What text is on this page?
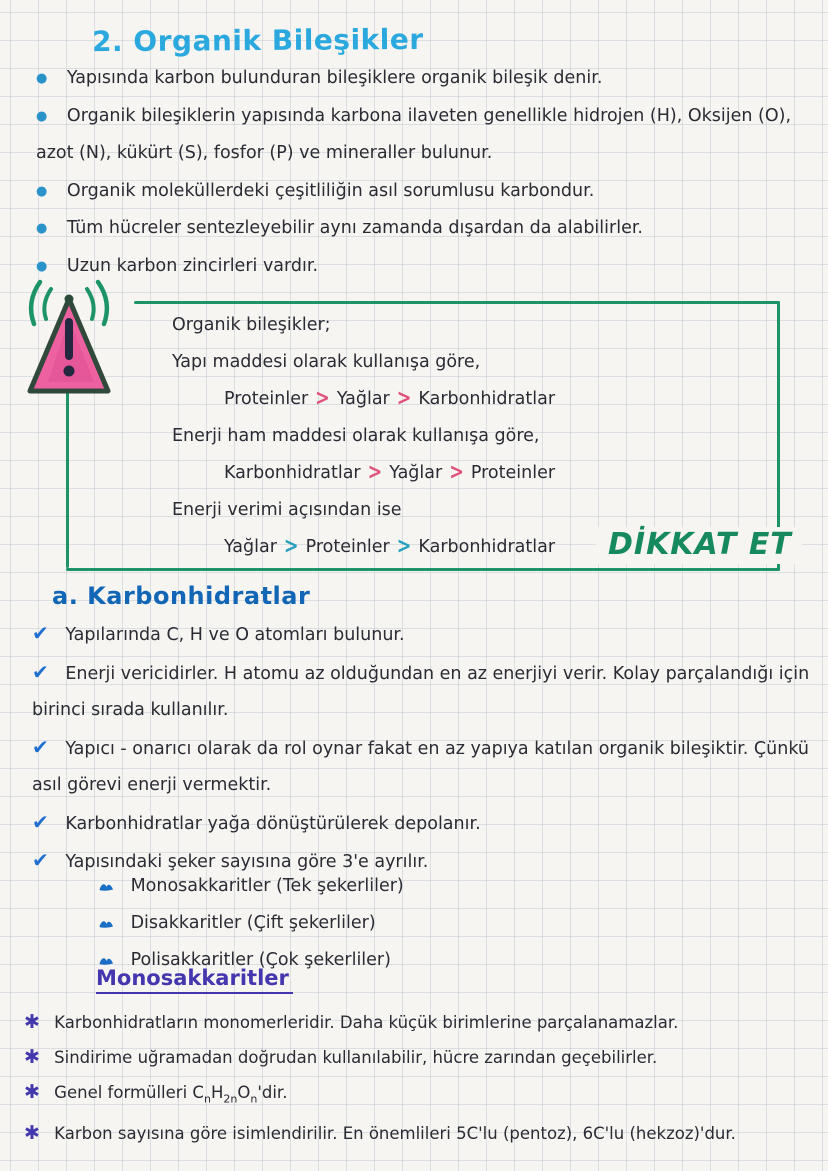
2. Organik Bileşikler
● Yapısında karbon bulunduran bileşiklere organik bileşik denir.
● Organik bileşiklerin yapısında karbona ilaveten genellikle hidrojen (H), Oksijen (O), azot (N), kükürt (S), fosfor (P) ve mineraller bulunur.
● Organik moleküllerdeki çeşitliliğin asıl sorumlusu karbondur.
● Tüm hücreler sentezleyebilir aynı zamanda dışardan da alabilirler.
● Uzun karbon zincirleri vardır.
Organik bileşikler;
Yapı maddesi olarak kullanışa göre,
Proteinler > Yağlar > Karbonhidratlar
Enerji ham maddesi olarak kullanışa göre,
Karbonhidratlar > Yağlar > Proteinler
Enerji verimi açısından ise
Yağlar > Proteinler > Karbonhidratlar	DİKKAT ET
a. Karbonhidratlar
✔ Yapılarında C, H ve O atomları bulunur.
✔ Enerji vericidirler. H atomu az olduğundan en az enerjiyi verir. Kolay parçalandığı için birinci sırada kullanılır.
✔ Yapıcı - onarıcı olarak da rol oynar fakat en az yapıya katılan organik bileşiktir. Çünkü asıl görevi enerji vermektir.
✔ Karbonhidratlar yağa dönüştürülerek depolanır.
✔ Yapısındaki şeker sayısına göre 3'e ayrılır.
Monosakkaritler (Tek şekerliler)
Disakkaritler (Çift şekerliler)
Polisakkaritler (Çok şekerliler)
Monosakkaritler
✱ Karbonhidratların monomerleridir. Daha küçük birimlerine parçalanamazlar.
✱ Sindirime uğramadan doğrudan kullanılabilir, hücre zarından geçebilirler.
✱ Genel formülleri $C_nH_{2n}O_n'dir$.
✱ Karbon sayısına göre isimlendirilir. En önemlileri 5C'lu (pentoz), 6C'lu (hekzoz)'dur.
